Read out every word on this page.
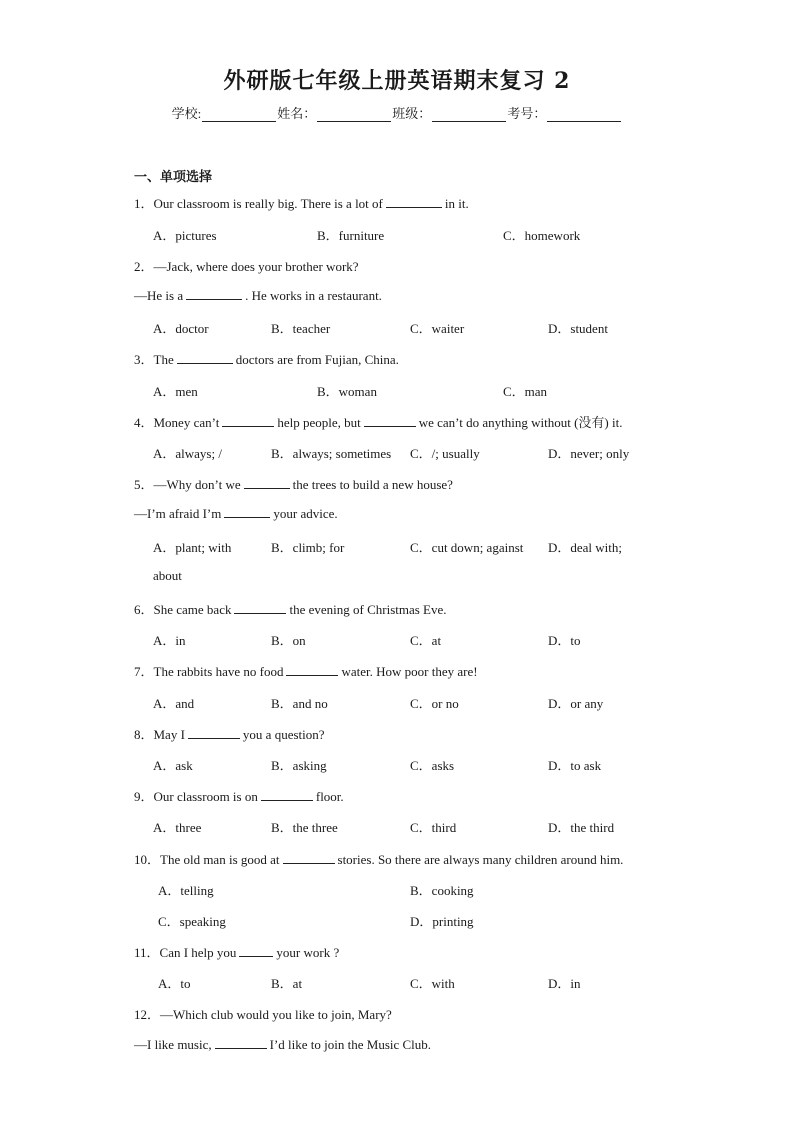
外研版七年级上册英语期末复习 2
学校:	姓名：	班级：	考号：
一、单项选择
1．Our classroom is really big. There is a lot of	in it.
A．pictures	B．furniture	C．homework
2．—Jack, where does your brother work?
—He is a	. He works in a restaurant.
A．doctor	B．teacher	C．waiter	D．student
3．The	doctors are from Fujian, China.
A．men	B．woman	C．man
4．Money can’t	help people, but	we can’t do anything without (没有) it.
A．always; /	B．always; sometimes C．/; usually	D．never; only
5．—Why don’t we	the trees to build a new house?
—I’m afraid I’m	your advice.
A．plant; with	B．climb; for	C．cut down; against D．deal with;
about
6．She came back	the evening of Christmas Eve.
A．in	B．on	C．at	D．to
7．The rabbits have no food	water. How poor they are!
A．and	B．and no	C．or no	D．or any
8．May I	you a question?
A．ask	B．asking	C．asks	D．to ask
9．Our classroom is on	floor.
A．three	B．the three	C．third	D．the third
10．The old man is good at	stories. So there are always many children around him.
A．telling	B．cooking
C．speaking	D．printing
11．Can I help you	your work ?
A．to	B．at	C．with	D．in
12．—Which club would you like to join, Mary?
—I like music,	I’d like to join the Music Club.
